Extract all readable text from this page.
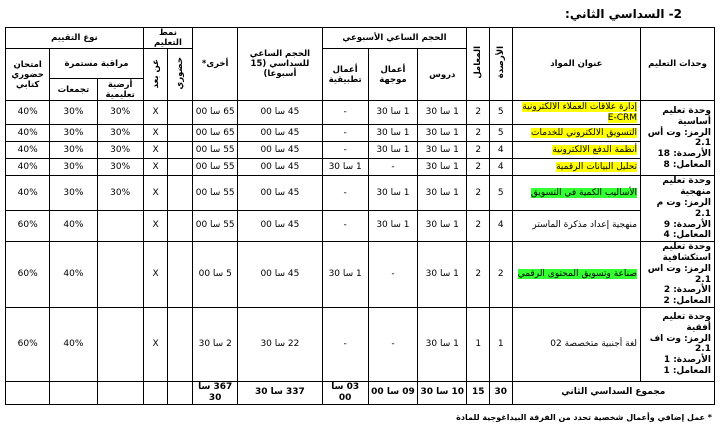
2- السداسي الثاني:
وحدات التعليم	عنوان المواد	الأرصدة	المعامل	الحجم الساعي الأسبوعي			الحجم الساعي للسداسي (15 أسبوعا)	أخرى*	نمط التعليم		نوع التقييم		
				دروس	أعمال موجهة	أعمال تطبيقية			حضوري	عن بعد	مراقبة مستمرة		امتحان حضوري كتابي
											أرضية تعليمية	تجمعات	

وحدة تعليم أساسية
الرمز: وت أس 2.1
الأرصدة: 18
المعامل: 8	إدارة علاقات العملاء الالكترونية E-CRM	5	2	1 سا 30	1 سا 30	-	45 سا 00	65 سا 00		X	30%	30%	40%
	التسويق الالكتروني للخدمات	5	2	1 سا 30	1 سا 30	-	45 سا 00	65 سا 00		X	30%	30%	40%
	أنظمة الدفع الالكترونية	4	2	1 سا 30	1 سا 30	-	45 سا 00	55 سا 00		X	30%	30%	40%
	تحليل البيانات الرقمية	4	2	1 سا 30	-	1 سا 30	45 سا 00	55 سا 00		X	30%	30%	40%

وحدة تعليم منهجية
الرمز: وت م 2.1
الأرصدة: 9
المعامل: 4	الأساليب الكمية في التسويق	5	2	1 سا 30	1 سا 30	-	45 سا 00	55 سا 00		X	30%	30%	40%
	منهجية إعداد مذكرة الماستر	4	2	1 سا 30	1 سا 30	-	45 سا 00	55 سا 00		X		40%	60%

وحدة تعليم استكشافية
الرمز: وت اس 2.1
الأرصدة: 2
المعامل: 2	صناعة وتسويق المحتوى الرقمي	2	2	1 سا 30	-	1 سا 30	45 سا 00	5 سا 00		X		40%	60%

وحدة تعليم أفقية
الرمز: وت اف 2.1
الأرصدة: 1
المعامل: 1	لغة أجنبية متخصصة 02	1	1	1 سا 30	-	-	22 سا 30	2 سا 30		X		40%	60%
مجموع السداسي الثاني		30	15	10 سا 30	09 سا 00	03 سا 00	337 سا 30	367 سا 30					
* عمل إضافي وأعمال شخصية تحدد من الفرقة البيداغوجية للمادة
